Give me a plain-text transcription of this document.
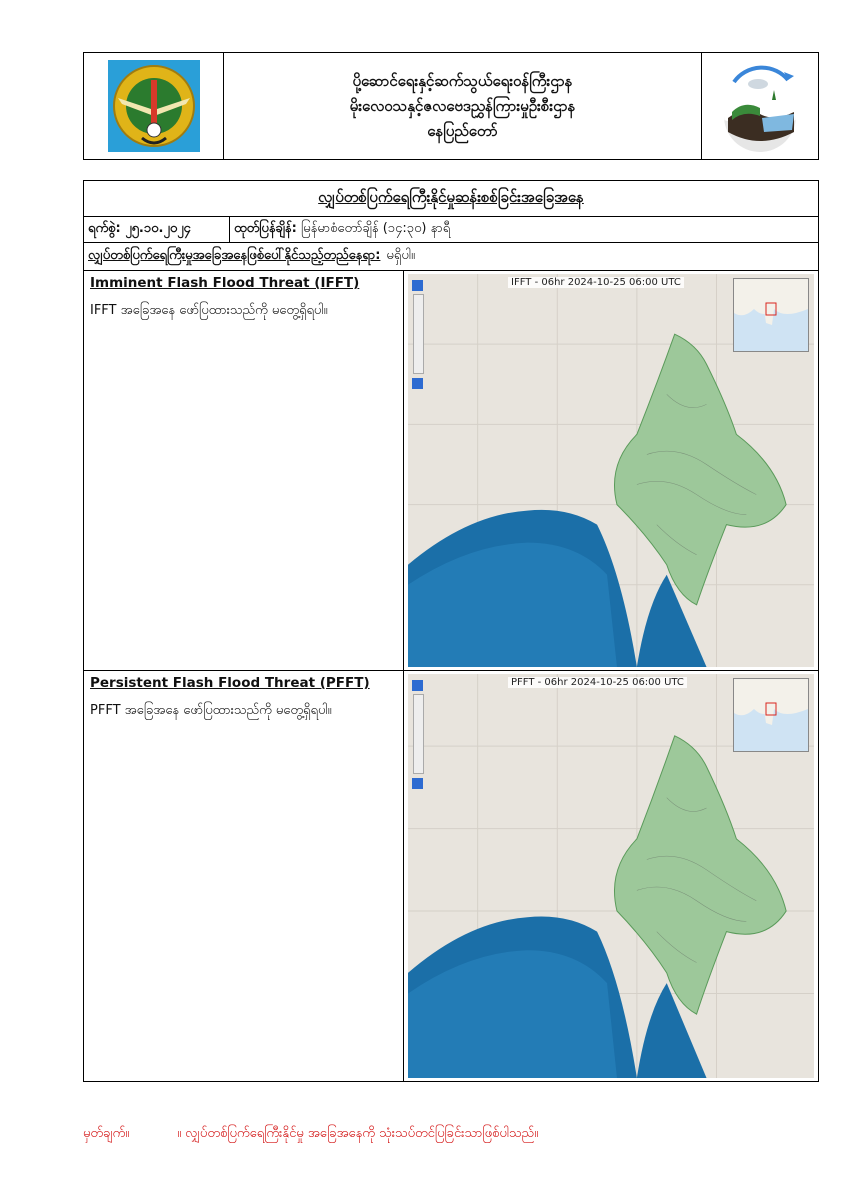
ပို့ဆောင်ရေးနှင့်ဆက်သွယ်ရေးဝန်ကြီးဌာန
မိုးလေဝသနှင့်ဇလဗေဒညွှန်ကြားမှုဦးစီးဌာန
နေပြည်တော်
လျှပ်တစ်ပြက်ရေကြီးနိုင်မှုဆန်းစစ်ခြင်းအခြေအနေ
ရက်စွဲ:
၂၅.၁၀.၂၀၂၄	ထုတ်ပြန်ချိန်:
မြန်မာစံတော်ချိန် (၁၄:၃၀) နာရီ
လျှပ်တစ်ပြက်ရေကြီးမှုအခြေအနေဖြစ်ပေါ်နိုင်သည့်တည်နေရာ: မရှိပါ။
Imminent Flash Flood Threat (IFFT)
IFFT အခြေအနေ ဖော်ပြထားသည်ကို မတွေ့ရှိရပါ။
IFFT - 06hr 2024-10-25 06:00 UTC
Persistent Flash Flood Threat (PFFT)
PFFT အခြေအနေ ဖော်ပြထားသည်ကို မတွေ့ရှိရပါ။
PFFT - 06hr 2024-10-25 06:00 UTC
မှတ်ချက်။	။ လျှပ်တစ်ပြက်ရေကြီးနိုင်မှု အခြေအနေကို သုံးသပ်တင်ပြခြင်းသာဖြစ်ပါသည်။
